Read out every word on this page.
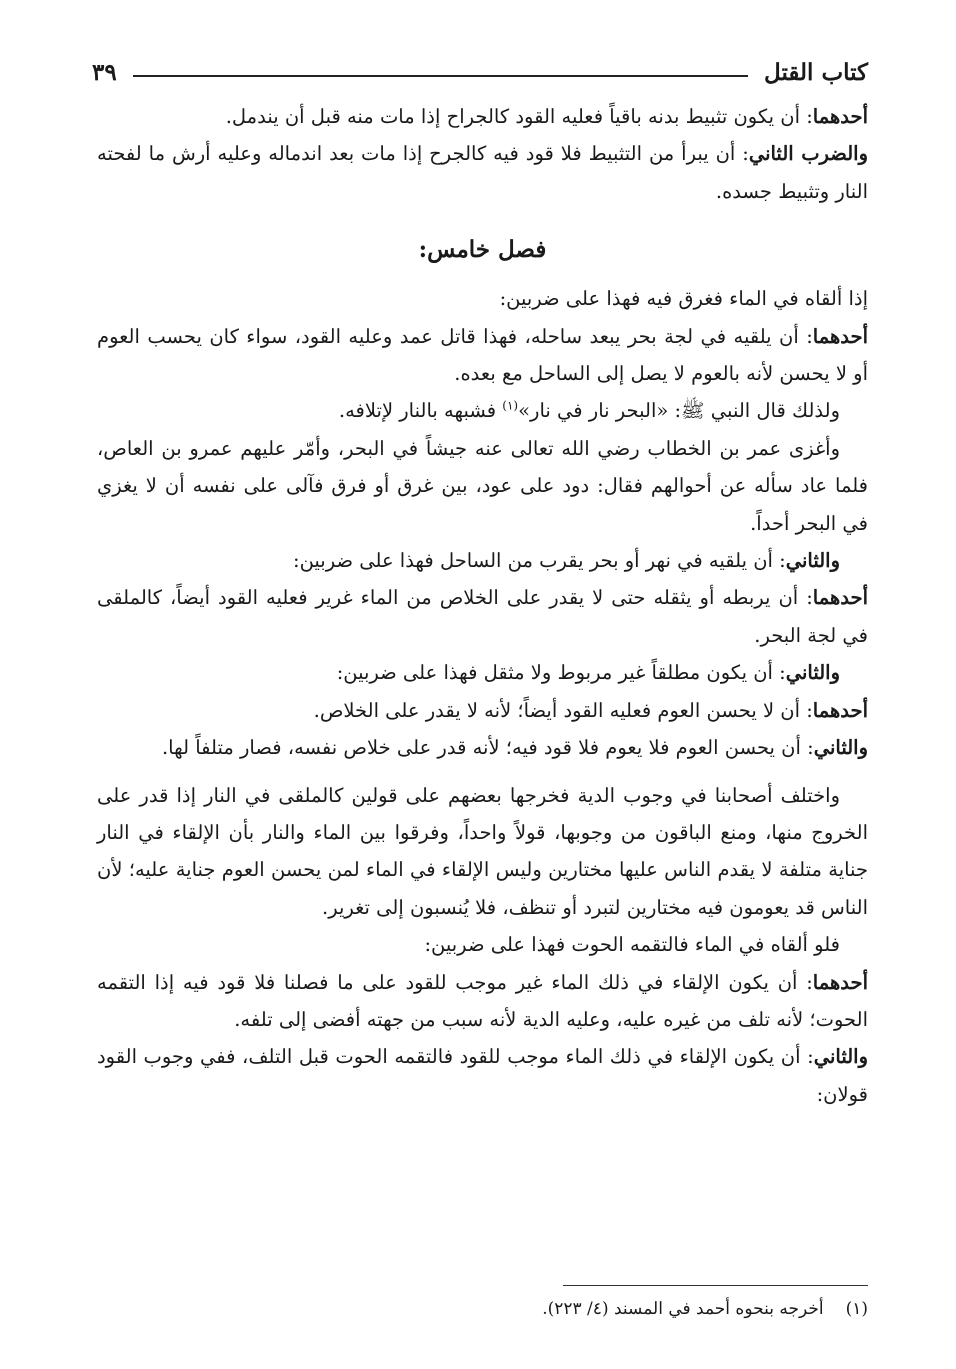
كتاب القتل
٣٩

أحدهما: أن يكون تثبيط بدنه باقياً فعليه القود كالجراح إذا مات منه قبل أن يندمل.

والضرب الثاني: أن يبرأ من التثبيط فلا قود فيه كالجرح إذا مات بعد اندماله وعليه أرش ما لفحته النار وتثبيط جسده.

فصل خامس:

إذا ألقاه في الماء فغرق فيه فهذا على ضربين:

أحدهما: أن يلقيه في لجة بحر يبعد ساحله، فهذا قاتل عمد وعليه القود، سواء كان يحسب العوم أو لا يحسن لأنه بالعوم لا يصل إلى الساحل مع بعده.

ولذلك قال النبي ﷺ: «البحر نار في نار»$^{(١)}$ فشبهه بالنار لإتلافه.

وأغزى عمر بن الخطاب رضي الله تعالى عنه جيشاً في البحر، وأمّر عليهم عمرو بن العاص، فلما عاد سأله عن أحوالهم فقال: دود على عود، بين غرق أو فرق فآلى على نفسه أن لا يغزي في البحر أحداً.

والثاني: أن يلقيه في نهر أو بحر يقرب من الساحل فهذا على ضربين:

أحدهما: أن يربطه أو يثقله حتى لا يقدر على الخلاص من الماء غرير فعليه القود أيضاً، كالملقى في لجة البحر.

والثاني: أن يكون مطلقاً غير مربوط ولا مثقل فهذا على ضربين:

أحدهما: أن لا يحسن العوم فعليه القود أيضاً؛ لأنه لا يقدر على الخلاص.

والثاني: أن يحسن العوم فلا يعوم فلا قود فيه؛ لأنه قدر على خلاص نفسه، فصار متلفاً لها.

واختلف أصحابنا في وجوب الدية فخرجها بعضهم على قولين كالملقى في النار إذا قدر على الخروج منها، ومنع الباقون من وجوبها، قولاً واحداً، وفرقوا بين الماء والنار بأن الإلقاء في النار جناية متلفة لا يقدم الناس عليها مختارين وليس الإلقاء في الماء لمن يحسن العوم جناية عليه؛ لأن الناس قد يعومون فيه مختارين لتبرد أو تنظف، فلا يُنسبون إلى تغرير.

فلو ألقاه في الماء فالتقمه الحوت فهذا على ضربين:

أحدهما: أن يكون الإلقاء في ذلك الماء غير موجب للقود على ما فصلنا فلا قود فيه إذا التقمه الحوت؛ لأنه تلف من غيره عليه، وعليه الدية لأنه سبب من جهته أفضى إلى تلفه.

والثاني: أن يكون الإلقاء في ذلك الماء موجب للقود فالتقمه الحوت قبل التلف، ففي وجوب القود قولان:

(١)أخرجه بنحوه أحمد في المسند (٤/ ٢٢٣).
